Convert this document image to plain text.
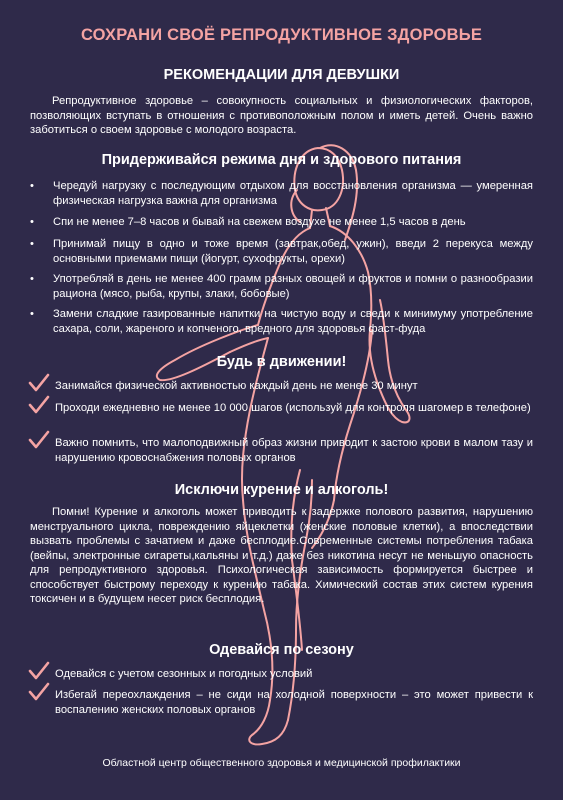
СОХРАНИ СВОЁ РЕПРОДУКТИВНОЕ ЗДОРОВЬЕ
РЕКОМЕНДАЦИИ ДЛЯ ДЕВУШКИ
Репродуктивное здоровье – совокупность социальных и физиологических факторов, позволяющих вступать в отношения с противоположным полом и иметь детей. Очень важно заботиться о своем здоровье с молодого возраста.
Придерживайся режима дня и здорового питания
• Чередуй нагрузку с последующим отдыхом для восстановления организма — умеренная физическая нагрузка важна для организма
• Спи не менее 7–8 часов и бывай на свежем воздухе не менее 1,5 часов в день
• Принимай пищу в одно и тоже время (завтрак,обед, ужин), введи 2 перекуса между основными приемами пищи (йогурт, сухофрукты, орехи)
• Употребляй в день не менее 400 грамм разных овощей и фруктов и помни о разнообразии рациона (мясо, рыба, крупы, злаки, бобовые)
• Замени сладкие газированные напитки на чистую воду и сведи к минимуму употребление сахара, соли, жареного и копченого, вредного для здоровья фаст-фуда
Будь в движении!
Занимайся физической активностью каждый день не менее 30 минут
Проходи ежедневно не менее 10 000 шагов (используй для контроля шагомер в телефоне)
Важно помнить, что малоподвижный образ жизни приводит к застою крови в малом тазу и нарушению кровоснабжения половых органов
Исключи курение и алкоголь!
Помни! Курение и алкоголь может приводить к задержке полового развития, нарушению менструального цикла, повреждению яйцеклетки (женские половые клетки), а впоследствии вызвать проблемы с зачатием и даже бесплодие.Современные системы потребления табака (вейпы, электронные сигареты,кальяны и т.д.) даже без никотина несут не меньшую опасность для репродуктивного здоровья. Психологическая зависимость формируется быстрее и способствует быстрому переходу к курению табака. Химический состав этих систем курения токсичен и в будущем несет риск бесплодия.
Одевайся по сезону
Одевайся с учетом сезонных и погодных условий
Избегай переохлаждения – не сиди на холодной поверхности – это может привести к воспалению женских половых органов
Областной центр общественного здоровья и медицинской профилактики
